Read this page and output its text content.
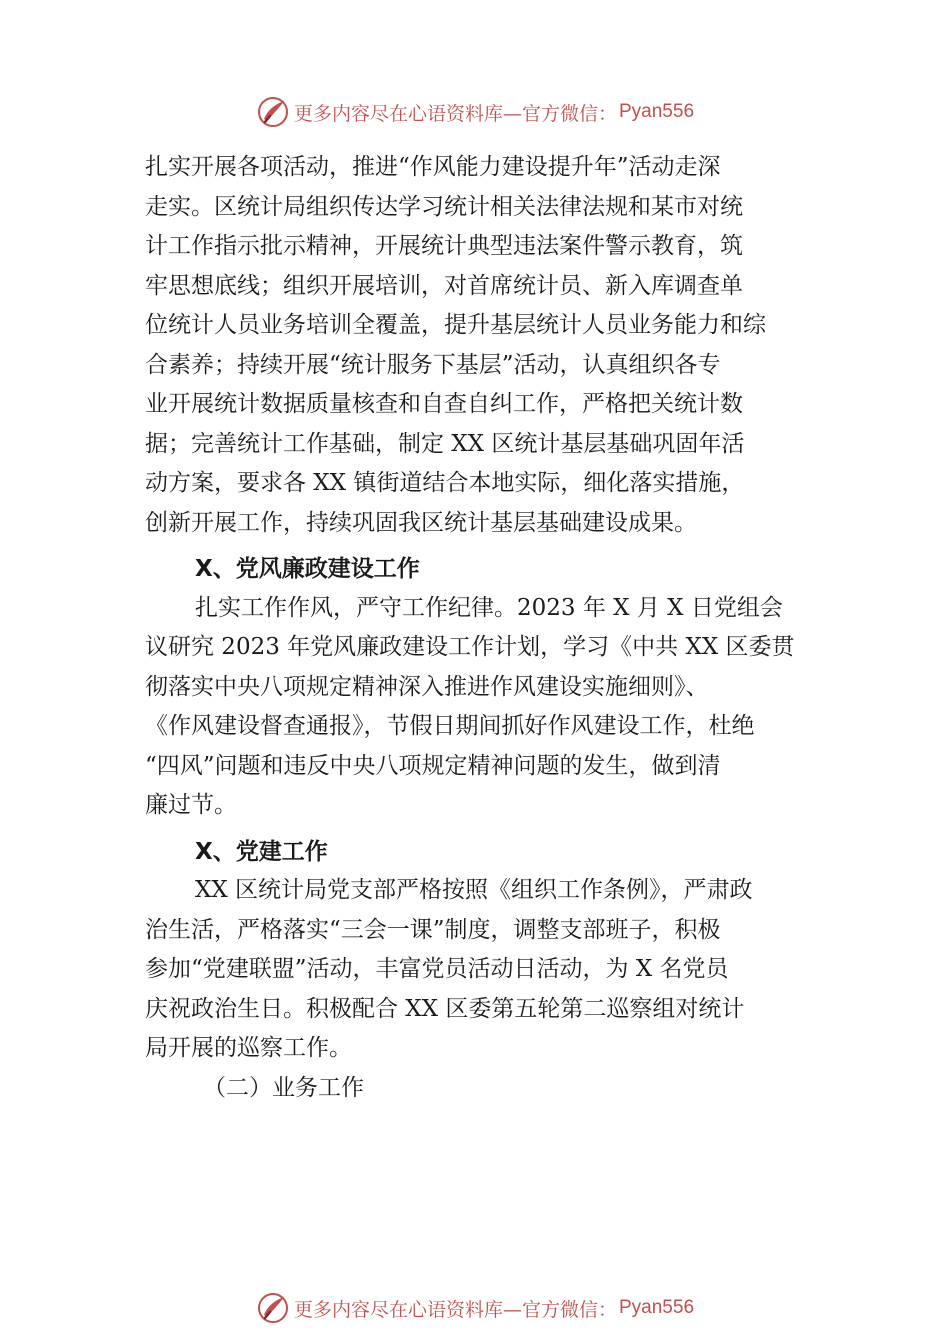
更多内容尽在心语资料库—官方微信： Pyan556
扎实开展各项活动，推进“作风能力建设提升年”活动走深
走实。区统计局组织传达学习统计相关法律法规和某市对统
计工作指示批示精神，开展统计典型违法案件警示教育，筑
牢思想底线；组织开展培训，对首席统计员、新入库调查单
位统计人员业务培训全覆盖，提升基层统计人员业务能力和综
合素养；持续开展“统计服务下基层”活动，认真组织各专
业开展统计数据质量核查和自查自纠工作，严格把关统计数
据；完善统计工作基础，制定 XX 区统计基层基础巩固年活
动方案，要求各 XX 镇街道结合本地实际，细化落实措施，
创新开展工作，持续巩固我区统计基层基础建设成果。
X、党风廉政建设工作
扎实工作作风，严守工作纪律。2023 年 X 月 X 日党组会
议研究 2023 年党风廉政建设工作计划，学习《中共 XX 区委贯
彻落实中央八项规定精神深入推进作风建设实施细则》、
《作风建设督查通报》，节假日期间抓好作风建设工作，杜绝
“四风”问题和违反中央八项规定精神问题的发生，做到清
廉过节。
X、党建工作
XX 区统计局党支部严格按照《组织工作条例》，严肃政
治生活，严格落实“三会一课”制度，调整支部班子，积极
参加“党建联盟”活动，丰富党员活动日活动，为 X 名党员
庆祝政治生日。积极配合 XX 区委第五轮第二巡察组对统计
局开展的巡察工作。
（二）业务工作
更多内容尽在心语资料库—官方微信： Pyan556
